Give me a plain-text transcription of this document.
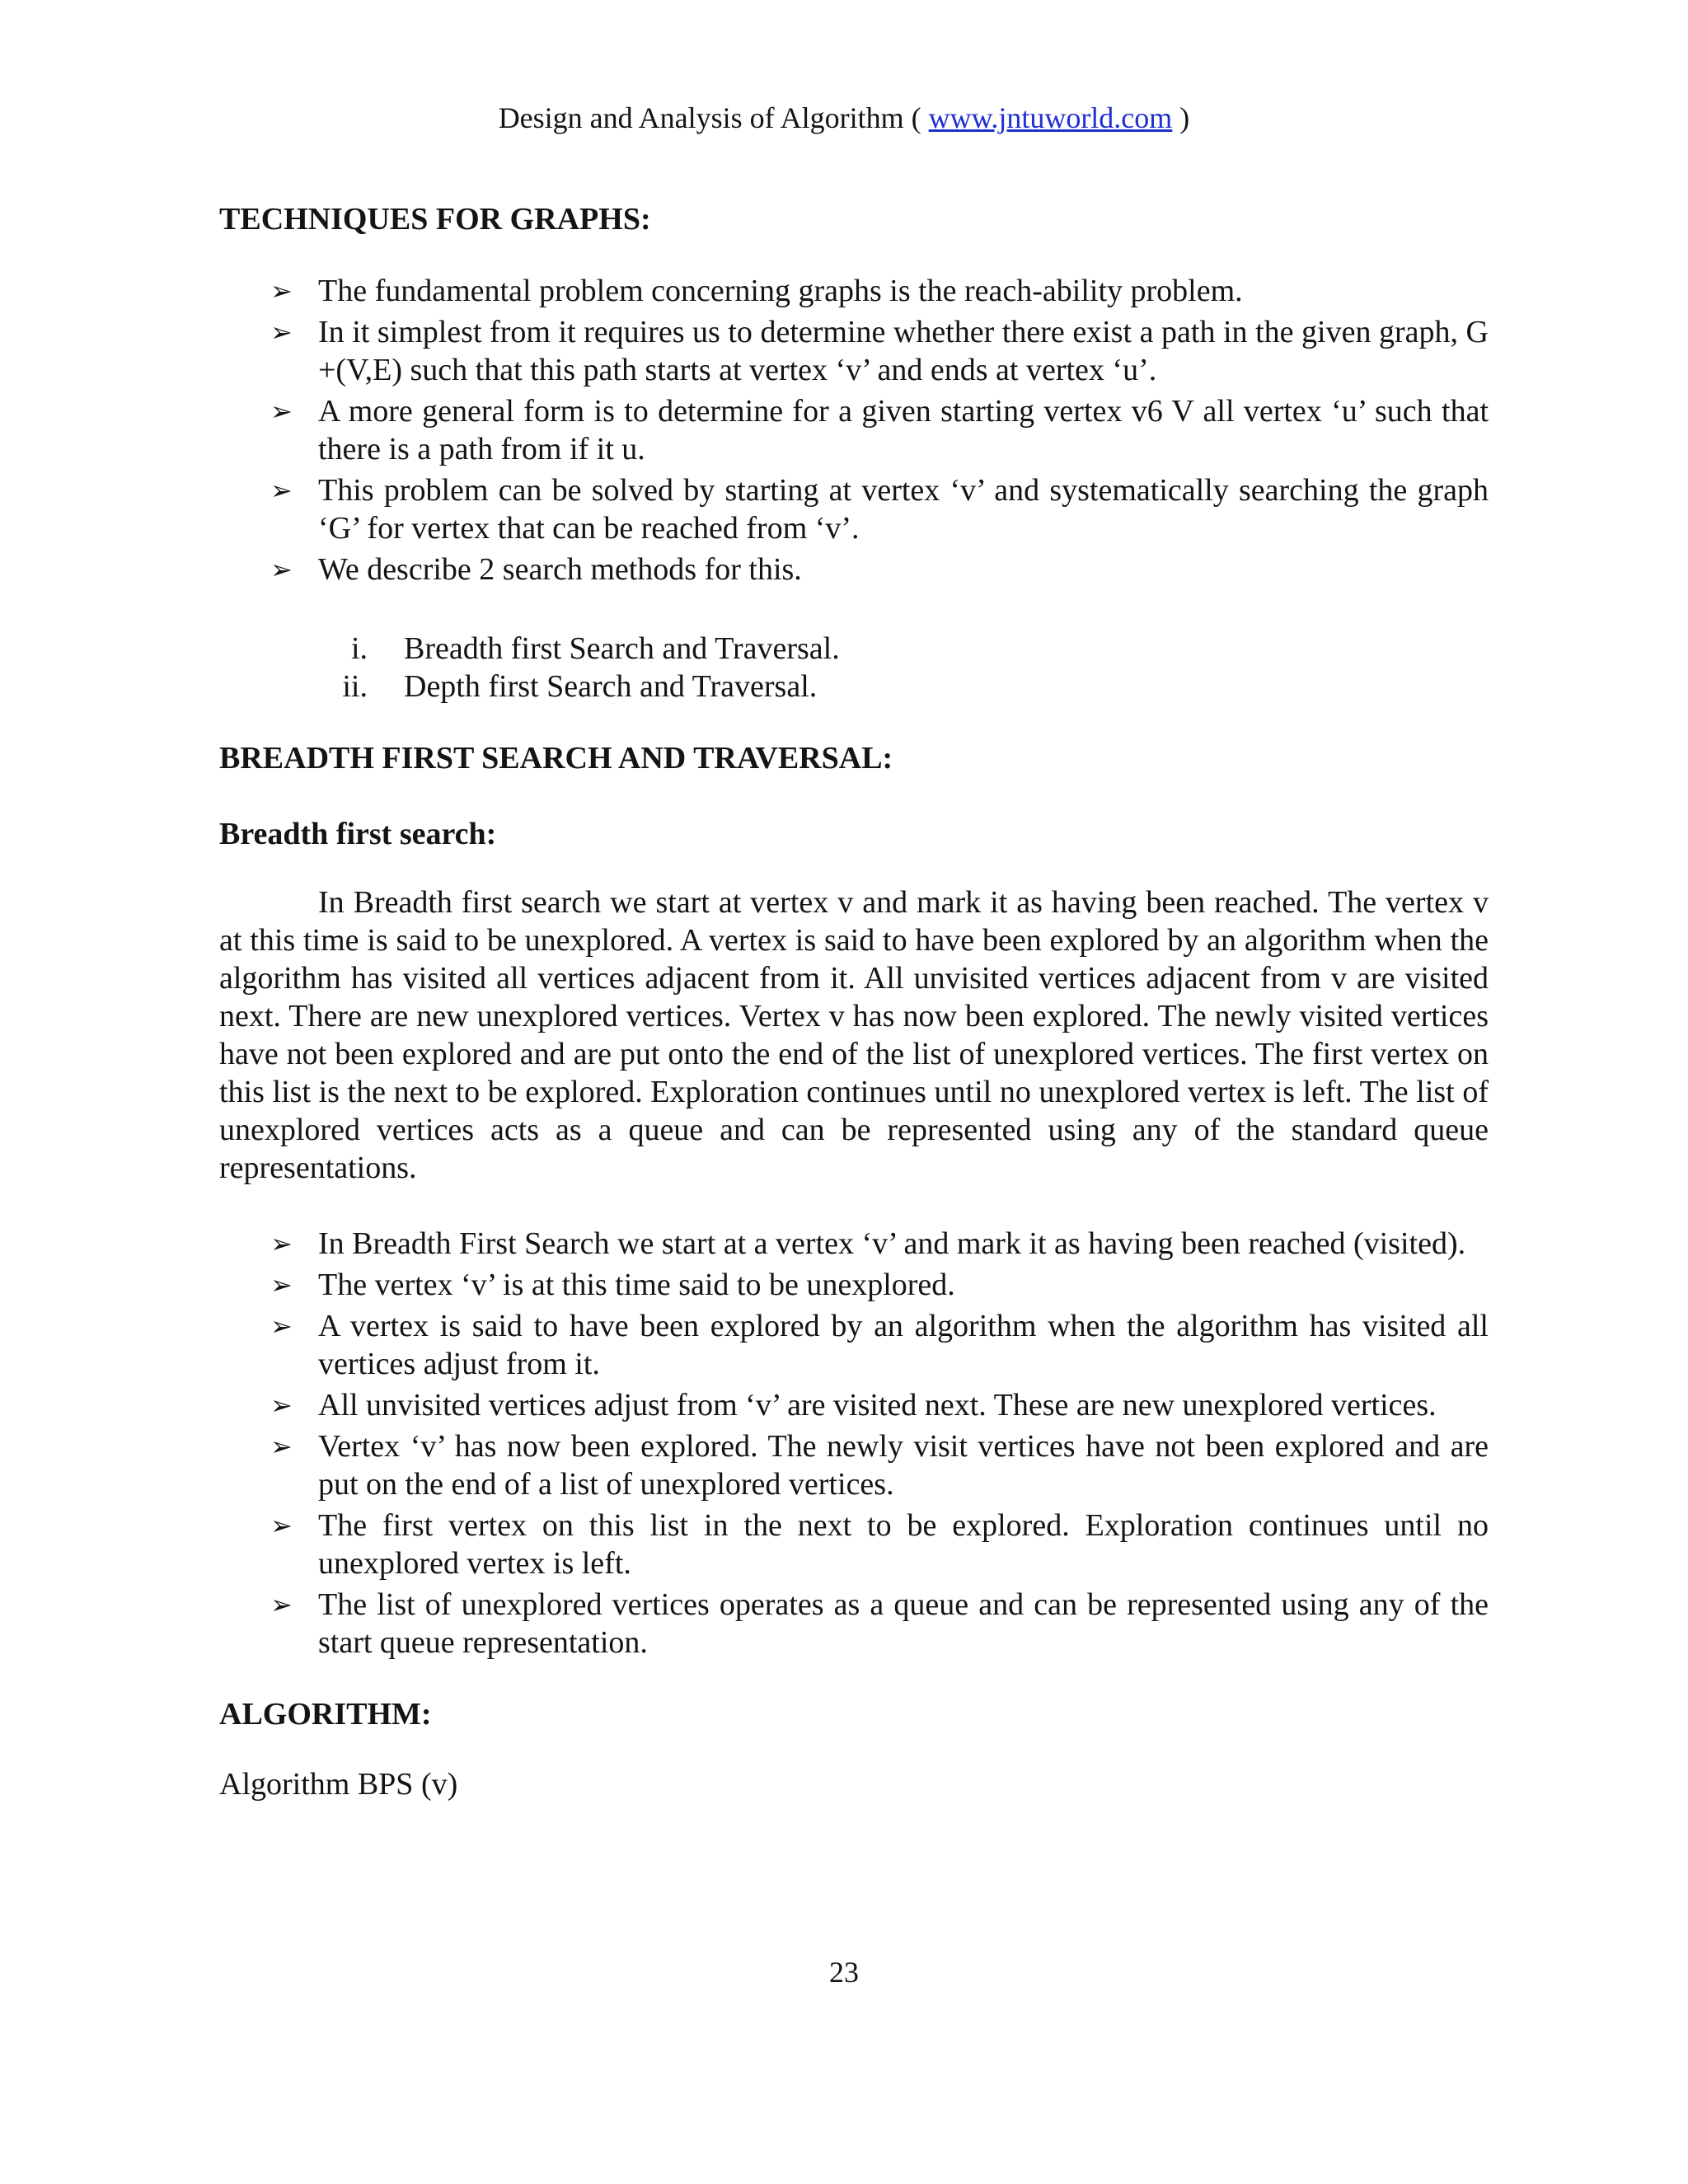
Design and Analysis of Algorithm ( www.jntuworld.com )
TECHNIQUES FOR GRAPHS:
➢ The fundamental problem concerning graphs is the reach-ability problem.
➢ In it simplest from it requires us to determine whether there exist a path in the given graph, G +(V,E) such that this path starts at vertex ‘v’ and ends at vertex ‘u’.
➢ A more general form is to determine for a given starting vertex v6 V all vertex ‘u’ such that there is a path from if it u.
➢ This problem can be solved by starting at vertex ‘v’ and systematically searching the graph ‘G’ for vertex that can be reached from ‘v’.
➢ We describe 2 search methods for this.
i. Breadth first Search and Traversal.
ii. Depth first Search and Traversal.
BREADTH FIRST SEARCH AND TRAVERSAL:
Breadth first search:

In Breadth first search we start at vertex v and mark it as having been reached. The vertex v at this time is said to be unexplored. A vertex is said to have been explored by an algorithm when the algorithm has visited all vertices adjacent from it. All unvisited vertices adjacent from v are visited next. There are new unexplored vertices. Vertex v has now been explored. The newly visited vertices have not been explored and are put onto the end of the list of unexplored vertices. The first vertex on this list is the next to be explored. Exploration continues until no unexplored vertex is left. The list of unexplored vertices acts as a queue and can be represented using any of the standard queue representations.

➢ In Breadth First Search we start at a vertex ‘v’ and mark it as having been reached (visited).
➢ The vertex ‘v’ is at this time said to be unexplored.
➢ A vertex is said to have been explored by an algorithm when the algorithm has visited all vertices adjust from it.
➢ All unvisited vertices adjust from ‘v’ are visited next. These are new unexplored vertices.
➢ Vertex ‘v’ has now been explored. The newly visit vertices have not been explored and are put on the end of a list of unexplored vertices.
➢ The first vertex on this list in the next to be explored. Exploration continues until no unexplored vertex is left.
➢ The list of unexplored vertices operates as a queue and can be represented using any of the start queue representation.
ALGORITHM:

Algorithm BPS (v)

23
